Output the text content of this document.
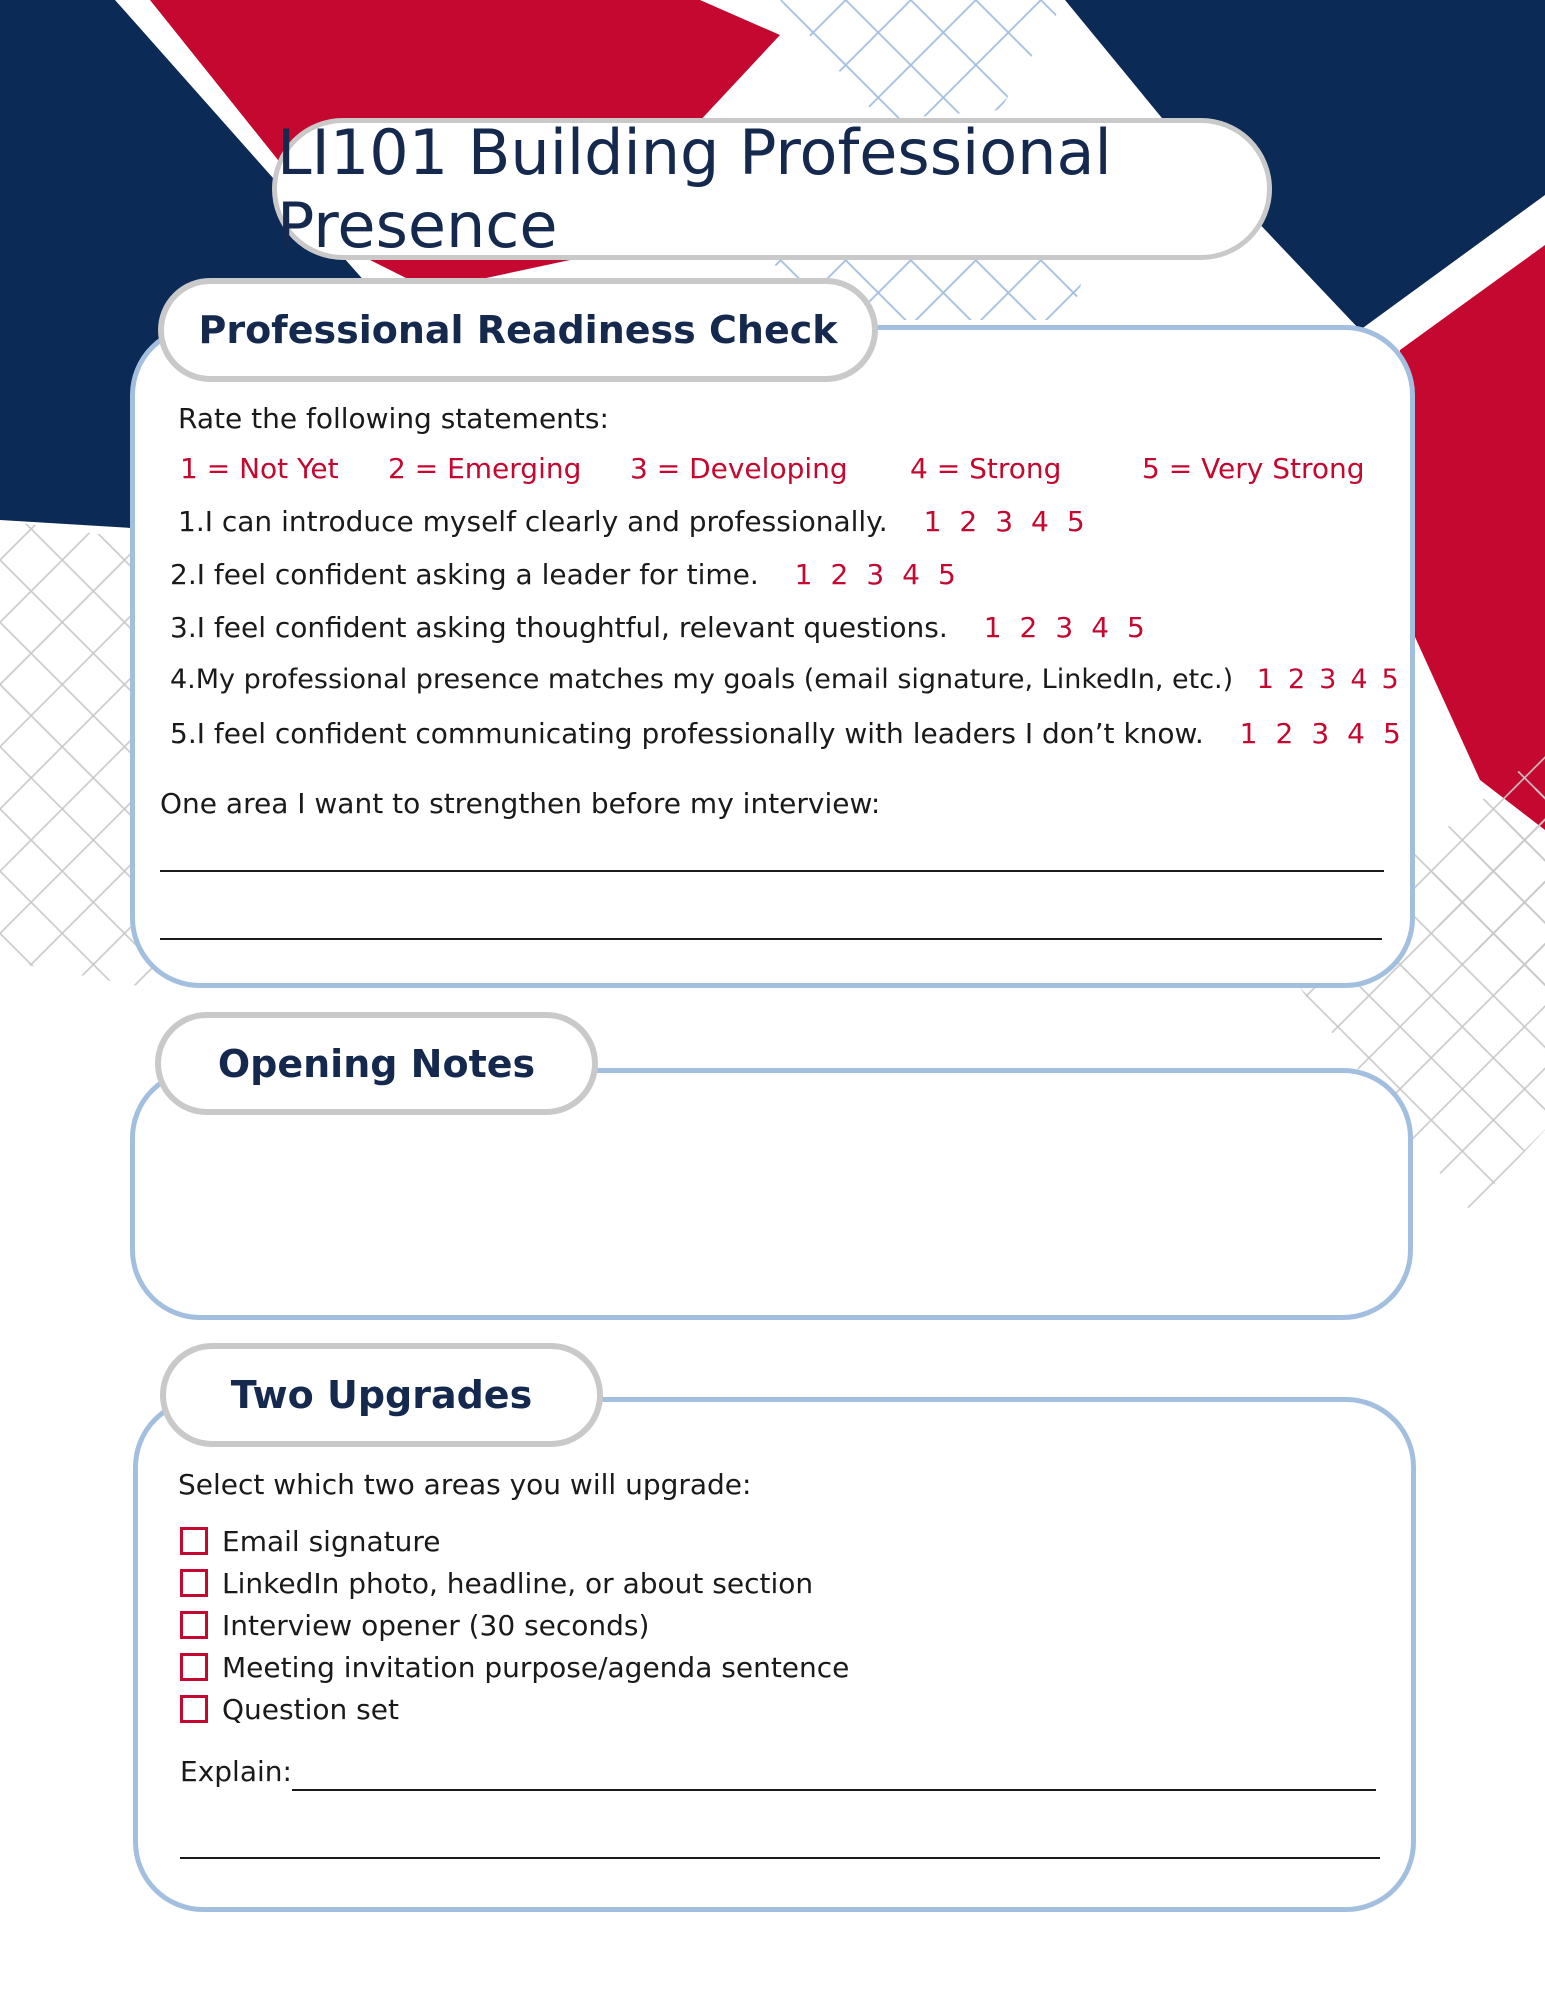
LI101 Building Professional Presence
Professional Readiness Check
Rate the following statements:
1 = Not Yet 2 = Emerging 3 = Developing 4 = Strong	5 = Very Strong
1.I can introduce myself clearly and professionally. 1 2 3 4 5
2.I feel confident asking a leader for time. 1 2 3 4 5
3.I feel confident asking thoughtful, relevant questions. 1 2 3 4 5
4.My professional presence matches my goals (email signature, LinkedIn, etc.) 1 2 3 4 5
5.I feel confident communicating professionally with leaders I don’t know. 1 2 3 4 5
One area I want to strengthen before my interview:
Opening Notes
Two Upgrades
Select which two areas you will upgrade:
Email signature
LinkedIn photo, headline, or about section
Interview opener (30 seconds)
Meeting invitation purpose/agenda sentence
Question set
Explain:
